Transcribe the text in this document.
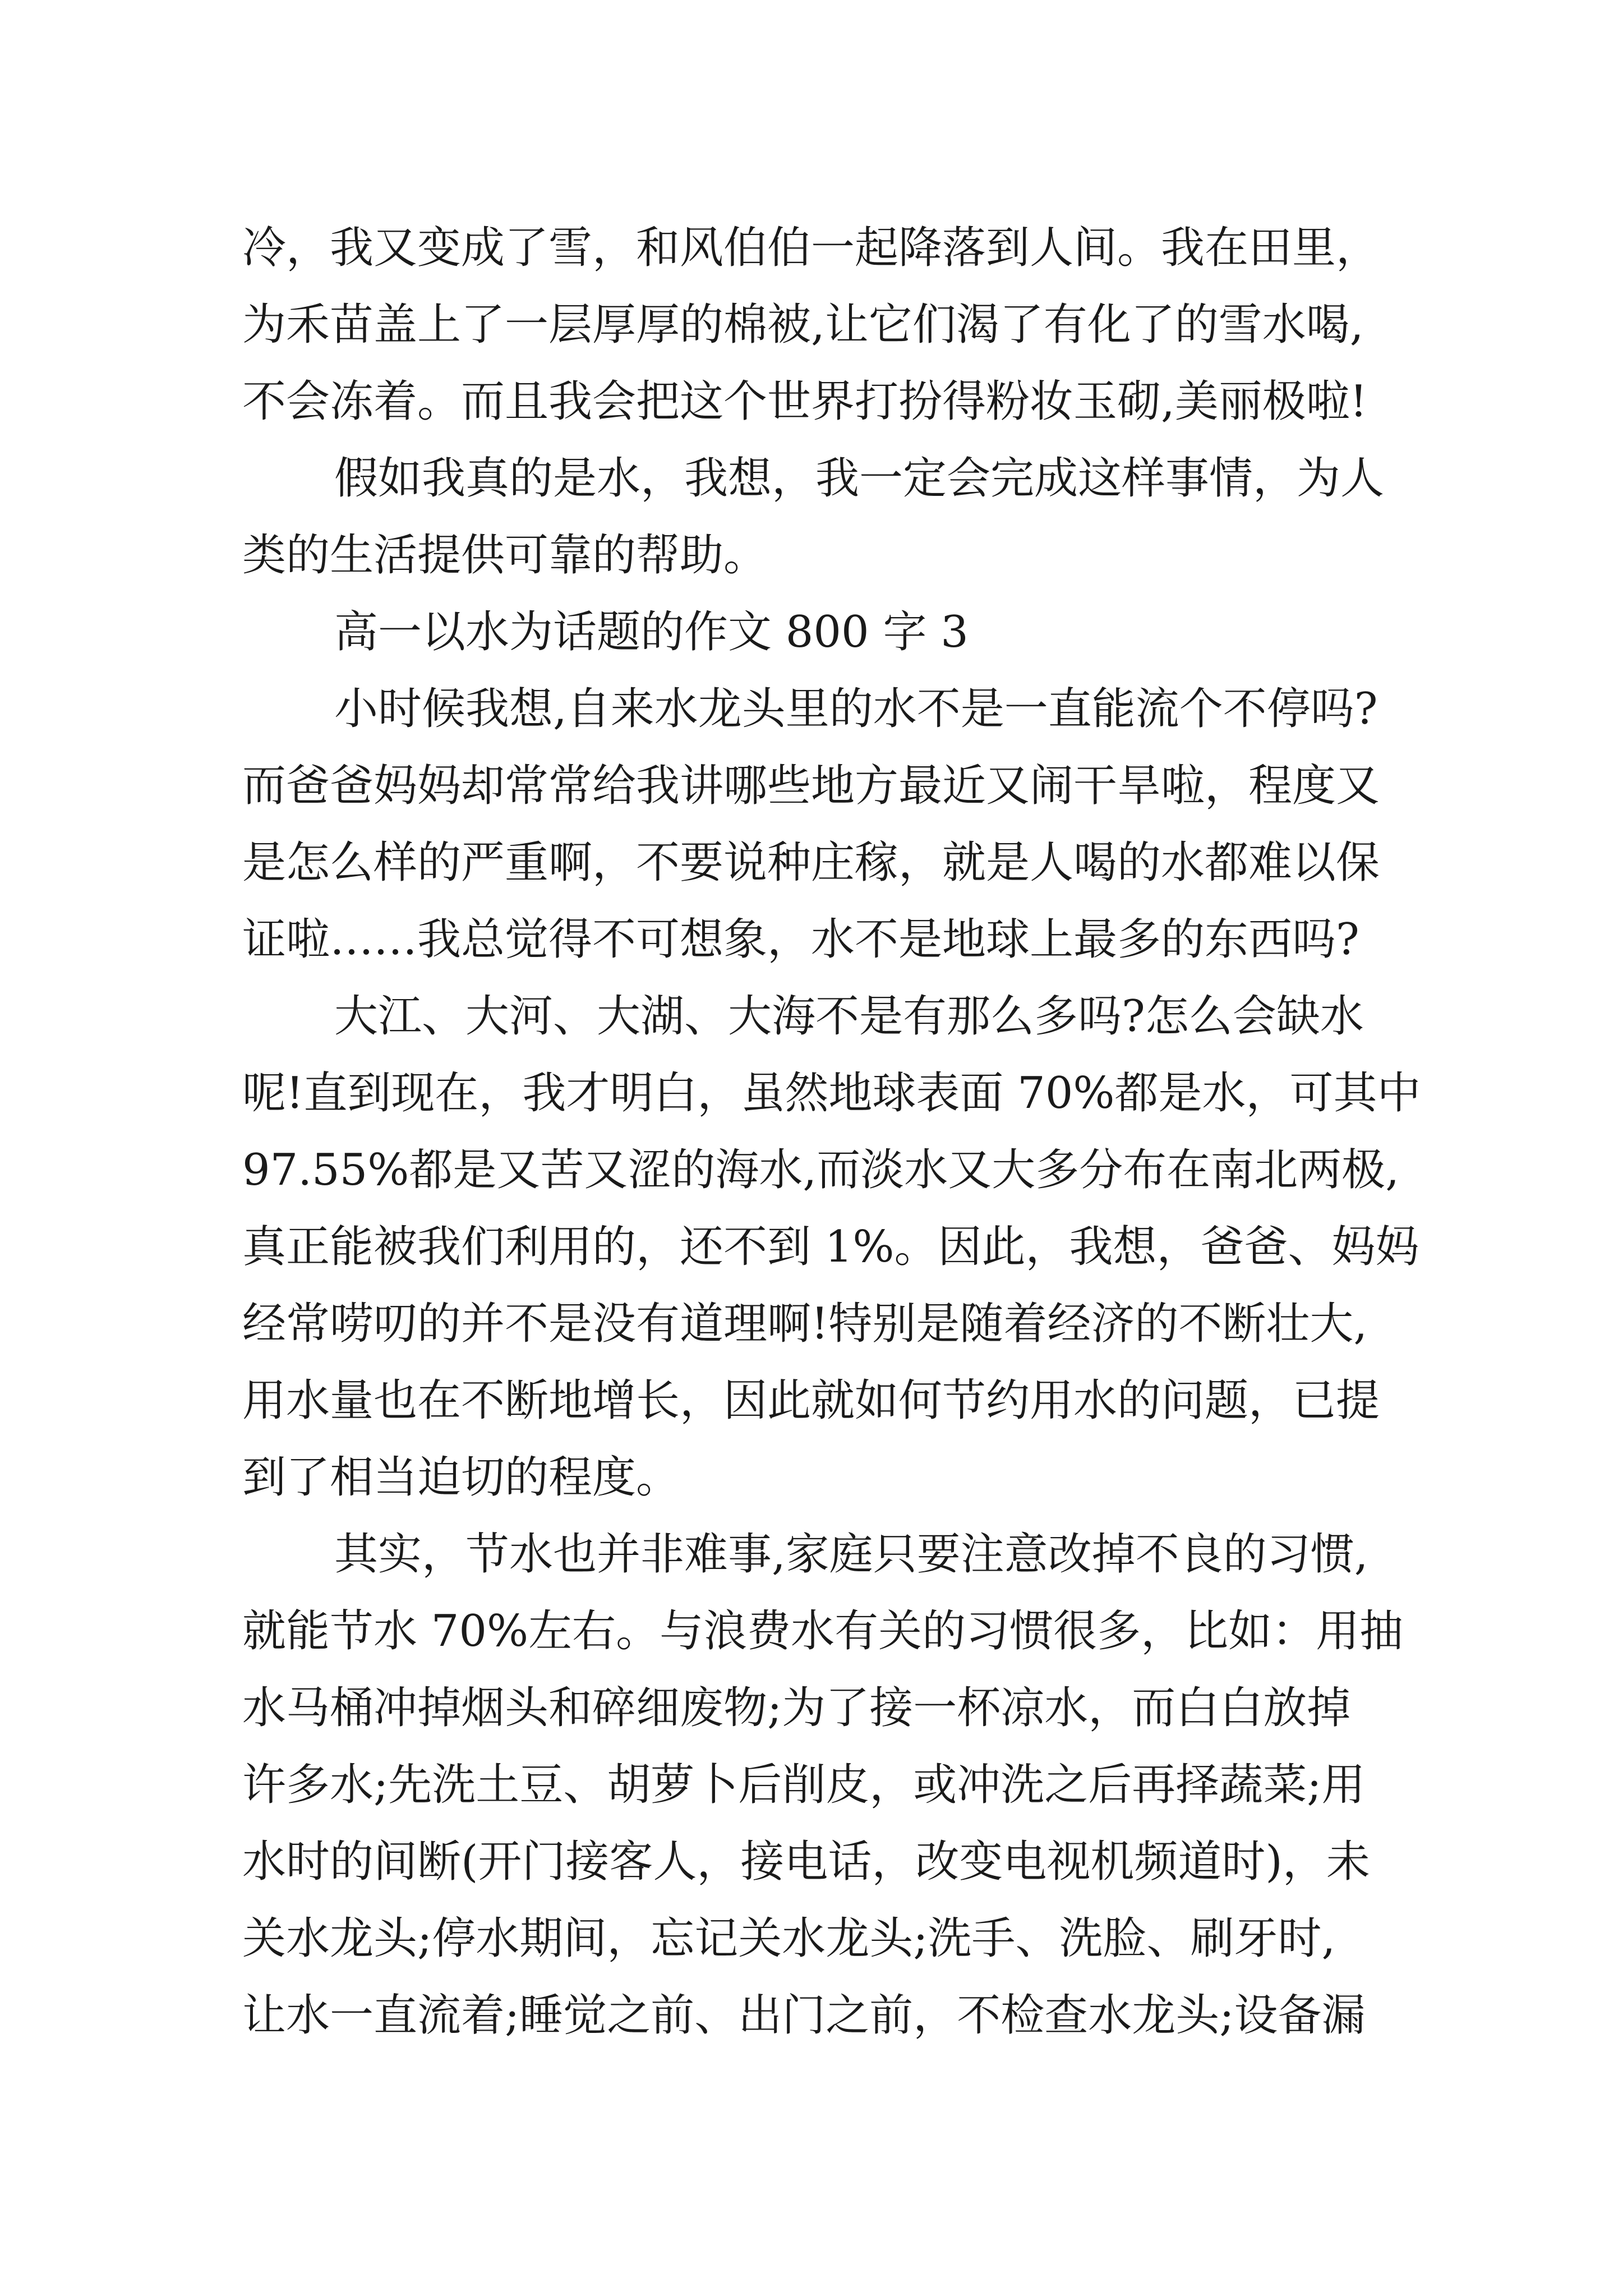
冷，我又变成了雪，和风伯伯一起降落到人间。我在田里，

为禾苗盖上了一层厚厚的棉被,让它们渴了有化了的雪水喝,

不会冻着。而且我会把这个世界打扮得粉妆玉砌,美丽极啦!

假如我真的是水，我想，我一定会完成这样事情，为人

类的生活提供可靠的帮助。

高一以水为话题的作文 800 字 3

小时候我想,自来水龙头里的水不是一直能流个不停吗?

而爸爸妈妈却常常给我讲哪些地方最近又闹干旱啦，程度又

是怎么样的严重啊，不要说种庄稼，就是人喝的水都难以保

证啦……我总觉得不可想象，水不是地球上最多的东西吗?

大江、大河、大湖、大海不是有那么多吗?怎么会缺水

呢!直到现在，我才明白，虽然地球表面 70%都是水，可其中

97.55%都是又苦又涩的海水,而淡水又大多分布在南北两极,

真正能被我们利用的，还不到 1%。因此，我想，爸爸、妈妈

经常唠叨的并不是没有道理啊!特别是随着经济的不断壮大,

用水量也在不断地增长，因此就如何节约用水的问题，已提

到了相当迫切的程度。

其实，节水也并非难事,家庭只要注意改掉不良的习惯,

就能节水 70%左右。与浪费水有关的习惯很多，比如：用抽

水马桶冲掉烟头和碎细废物;为了接一杯凉水，而白白放掉

许多水;先洗土豆、胡萝卜后削皮，或冲洗之后再择蔬菜;用

水时的间断(开门接客人，接电话，改变电视机频道时)，未

关水龙头;停水期间，忘记关水龙头;洗手、洗脸、刷牙时,

让水一直流着;睡觉之前、出门之前，不检查水龙头;设备漏
